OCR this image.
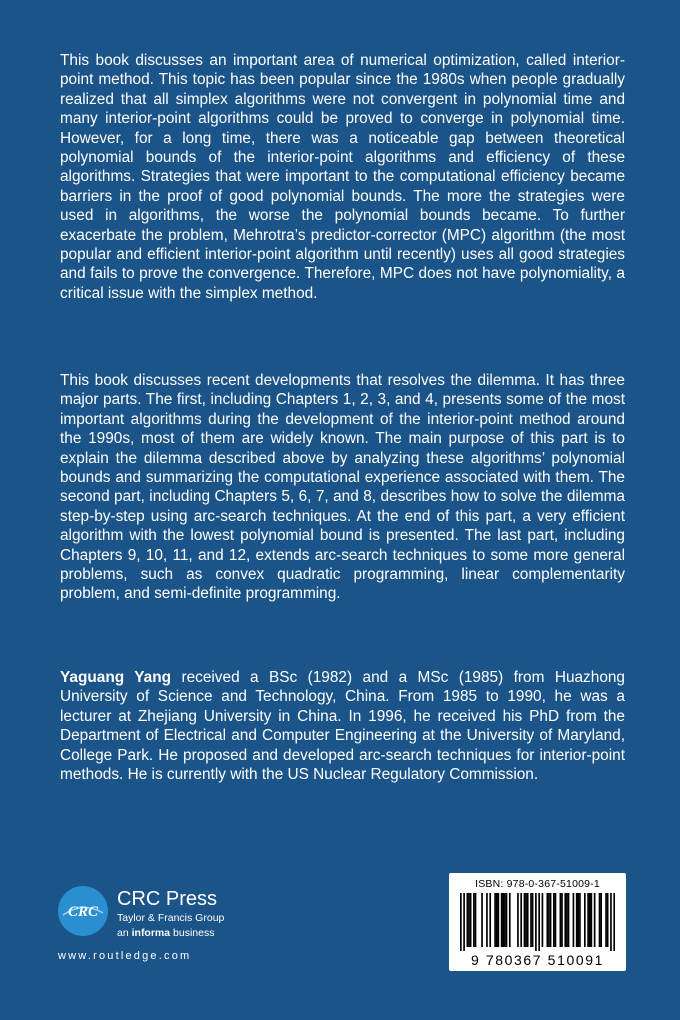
This book discusses an important area of numerical optimization, called interior-point method. This topic has been popular since the 1980s when people gradually realized that all simplex algorithms were not convergent in polynomial time and many interior-point algorithms could be proved to converge in polynomial time. However, for a long time, there was a noticeable gap between theoretical polynomial bounds of the interior-point algorithms and efficiency of these algorithms. Strategies that were important to the computational efficiency became barriers in the proof of good polynomial bounds. The more the strategies were used in algorithms, the worse the polynomial bounds became. To further exacerbate the problem, Mehrotra’s predictor-corrector (MPC) algorithm (the most popular and efficient interior-point algorithm until recently) uses all good strategies and fails to prove the convergence. Therefore, MPC does not have polynomiality, a critical issue with the simplex method.
This book discusses recent developments that resolves the dilemma. It has three major parts. The first, including Chapters 1, 2, 3, and 4, presents some of the most important algorithms during the development of the interior-point method around the 1990s, most of them are widely known. The main purpose of this part is to explain the dilemma described above by analyzing these algorithms’ polynomial bounds and summarizing the computational experience associated with them. The second part, including Chapters 5, 6, 7, and 8, describes how to solve the dilemma step-by-step using arc-search techniques. At the end of this part, a very efficient algorithm with the lowest polynomial bound is presented. The last part, including Chapters 9, 10, 11, and 12, extends arc-search techniques to some more general problems, such as convex quadratic programming, linear complementarity problem, and semi-definite programming.
Yaguang Yang received a BSc (1982) and a MSc (1985) from Huazhong University of Science and Technology, China. From 1985 to 1990, he was a lecturer at Zhejiang University in China. In 1996, he received his PhD from the Department of Electrical and Computer Engineering at the University of Maryland, College Park. He proposed and developed arc-search techniques for interior-point methods. He is currently with the US Nuclear Regulatory Commission.
CRC
CRC Press
Taylor & Francis Group
an informa business
www.routledge.com
ISBN: 978-0-367-51009-1
9 780367 510091
